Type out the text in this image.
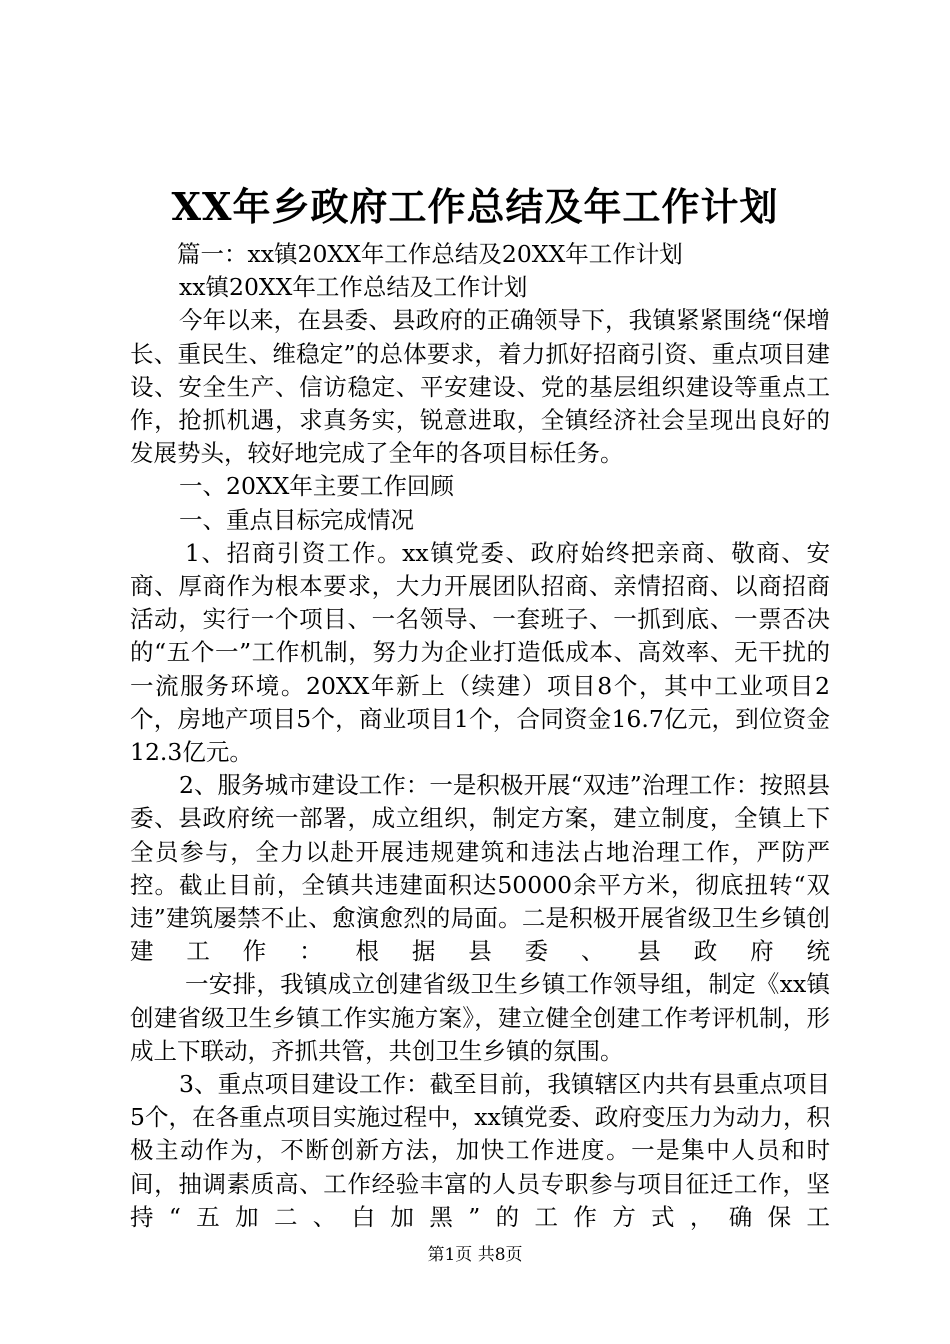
XX年乡政府工作总结及年工作计划

篇一：xx镇20XX年工作总结及20XX年工作计划

xx镇20XX年工作总结及工作计划

今年以来，在县委、县政府的正确领导下，我镇紧紧围绕“保增长、重民生、维稳定”的总体要求，着力抓好招商引资、重点项目建设、安全生产、信访稳定、平安建设、党的基层组织建设等重点工作，抢抓机遇，求真务实，锐意进取，全镇经济社会呈现出良好的发展势头，较好地完成了全年的各项目标任务。

一、20XX年主要工作回顾

一、重点目标完成情况

1、招商引资工作。xx镇党委、政府始终把亲商、敬商、安商、厚商作为根本要求，大力开展团队招商、亲情招商、以商招商活动，实行一个项目、一名领导、一套班子、一抓到底、一票否决的“五个一”工作机制，努力为企业打造低成本、高效率、无干扰的一流服务环境。20XX年新上（续建）项目8个，其中工业项目2个，房地产项目5个，商业项目1个，合同资金16.7亿元，到位资金12.3亿元。

2、服务城市建设工作：一是积极开展“双违”治理工作：按照县委、县政府统一部署，成立组织，制定方案，建立制度，全镇上下全员参与，全力以赴开展违规建筑和违法占地治理工作，严防严控。截止目前，全镇共违建面积达50000余平方米，彻底扭转“双违”建筑屡禁不止、愈演愈烈的局面。二是积极开展省级卫生乡镇创建工作：根据县委、县政府统

一安排，我镇成立创建省级卫生乡镇工作领导组，制定《xx镇创建省级卫生乡镇工作实施方案》，建立健全创建工作考评机制，形成上下联动，齐抓共管，共创卫生乡镇的氛围。

3、重点项目建设工作：截至目前，我镇辖区内共有县重点项目5个，在各重点项目实施过程中，xx镇党委、政府变压力为动力，积极主动作为，不断创新方法，加快工作进度。一是集中人员和时间，抽调素质高、工作经验丰富的人员专职参与项目征迁工作，坚持“五加二、白加黑”的工作方式，确保工

第1页 共8页
